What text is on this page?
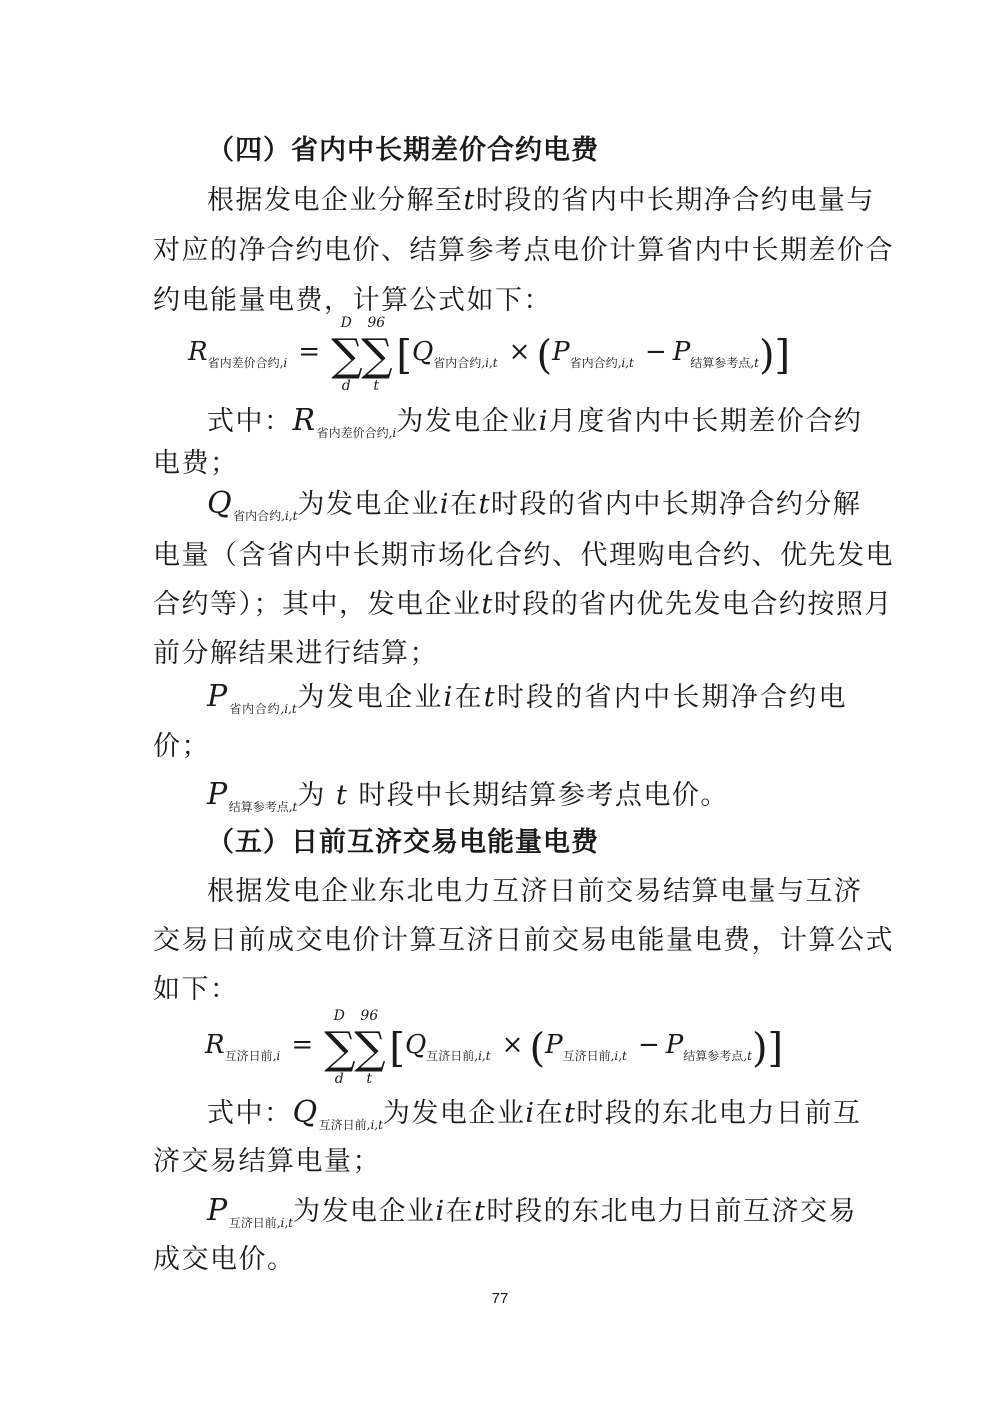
（四）省内中长期差价合约电费
根据发电企业分解至t时段的省内中长期净合约电量与
对应的净合约电价、结算参考点电价计算省内中长期差价合
约电能量电费，计算公式如下：
$R_{省内差价合约,i}$ = ∑
D
d
∑
96
t
$[Q_{省内合约,i,t} \times (P_{省内合约,i,t} - P_{结算参考点,t})]$
式中：$R_{省内差价合约,i}$为发电企业i月度省内中长期差价合约
电费；
$Q_{省内合约,i,t}$为发电企业i在t时段的省内中长期净合约分解
电量（含省内中长期市场化合约、代理购电合约、优先发电
合约等）；其中，发电企业t时段的省内优先发电合约按照月
前分解结果进行结算；
$P_{省内合约,i,t}$为发电企业i在t时段的省内中长期净合约电
价；
$P_{结算参考点,t}$为 t 时段中长期结算参考点电价。
（五）日前互济交易电能量电费
根据发电企业东北电力互济日前交易结算电量与互济
交易日前成交电价计算互济日前交易电能量电费，计算公式
如下：
$R_{互济日前,i}$ = ∑
D
d
∑
96
t
$[Q_{互济日前,i,t} \times (P_{互济日前,i,t} - P_{结算参考点,t})]$
式中：$Q_{互济日前,i,t}$为发电企业i在t时段的东北电力日前互
济交易结算电量；
$P_{互济日前,i,t}$为发电企业i在t时段的东北电力日前互济交易
成交电价。
77
